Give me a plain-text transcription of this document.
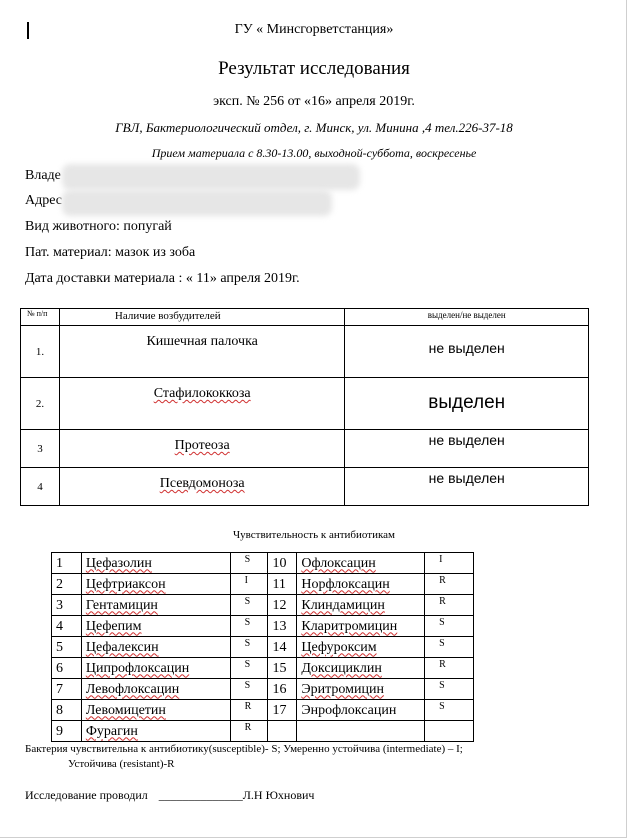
ГУ « Минсгорветстанция»
Результат исследования
эксп. № 256 от «16» апреля 2019г.
ГВЛ, Бактериологический отдел, г. Минск, ул. Минина ,4 тел.226-37-18
Прием материала с 8.30-13.00, выходной-суббота, воскресенье
Владе
Адрес
Вид животного: попугай
Пат. материал: мазок из зоба
Дата доставки материала : « 11» апреля 2019г.
№ п/п	Наличие возбудителей	выделен/не выделен
1.	Кишечная палочка	не выделен
2.	Стафилококкоза	выделен
3	Протеоза	не выделен
4	Псевдомоноза	не выделен
Чувствительность к антибиотикам
1	Цефазолин	S	10	Офлоксацин	I
2	Цефтриаксон	I	11	Норфлоксацин	R
3	Гентамицин	S	12	Клиндамицин	R
4	Цефепим	S	13	Кларитромицин	S
5	Цефалексин	S	14	Цефуроксим	S
6	Ципрофлоксацин	S	15	Доксициклин	R
7	Левофлоксацин	S	16	Эритромицин	S
8	Левомицетин	R	17	Энрофлоксацин	S
9	Фурагин	R			
Бактерия чувствительна к антибиотику(susceptible)- S; Умеренно устойчива (intermediate) – I;
Устойчива (resistant)-R
Исследование проводил ______________Л.Н Юхнович
